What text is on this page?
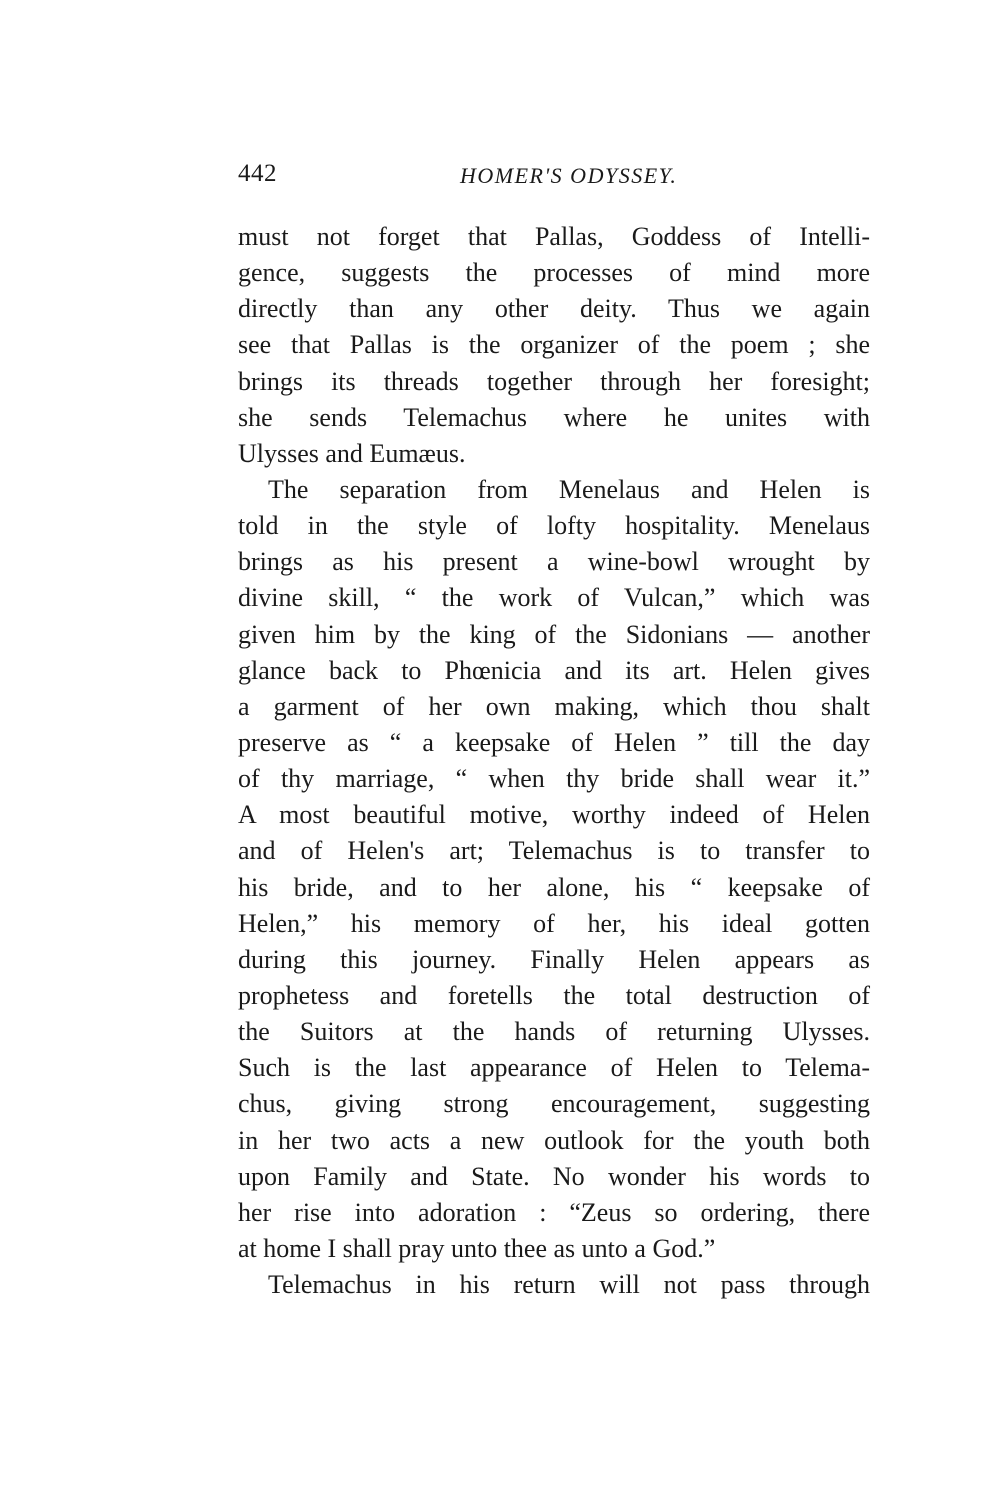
442	HOMER'S ODYSSEY.
must not forget that Pallas, Goddess of Intelli-
gence, suggests the processes of mind more
directly than any other deity. Thus we again
see that Pallas is the organizer of the poem ; she
brings its threads together through her foresight;
she sends Telemachus where he unites with
Ulysses and Eumæus.
The separation from Menelaus and Helen is
told in the style of lofty hospitality. Menelaus
brings as his present a wine-bowl wrought by
divine skill, “ the work of Vulcan,” which was
given him by the king of the Sidonians — another
glance back to Phœnicia and its art. Helen gives
a garment of her own making, which thou shalt
preserve as “ a keepsake of Helen ” till the day
of thy marriage, “ when thy bride shall wear it.”
A most beautiful motive, worthy indeed of Helen
and of Helen's art; Telemachus is to transfer to
his bride, and to her alone, his “ keepsake of
Helen,” his memory of her, his ideal gotten
during this journey. Finally Helen appears as
prophetess and foretells the total destruction of
the Suitors at the hands of returning Ulysses.
Such is the last appearance of Helen to Telema-
chus, giving strong encouragement, suggesting
in her two acts a new outlook for the youth both
upon Family and State. No wonder his words to
her rise into adoration : “Zeus so ordering, there
at home I shall pray unto thee as unto a God.”
Telemachus in his return will not pass through
